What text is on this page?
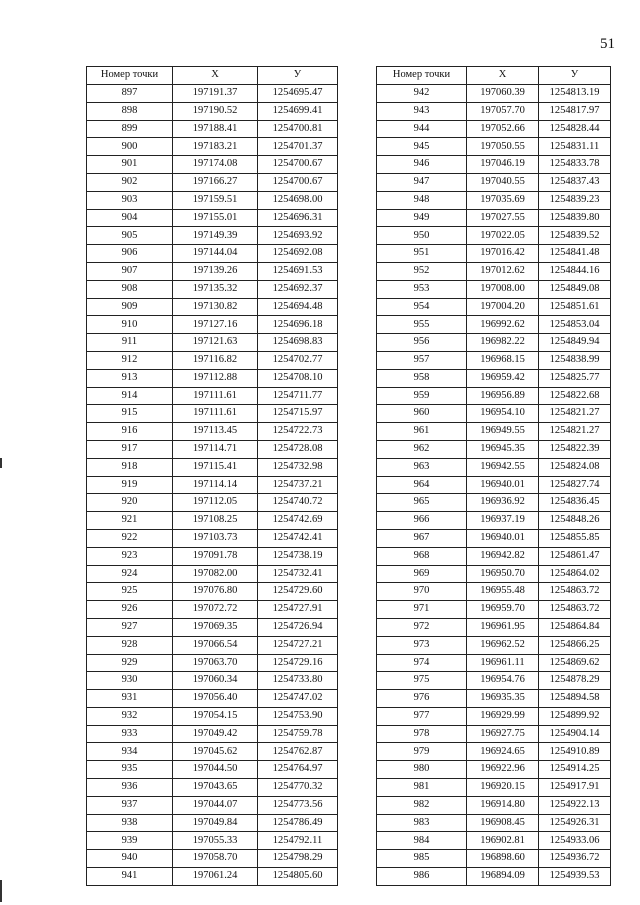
51
Номер точки	X	У
897	197191.37	1254695.47
898	197190.52	1254699.41
899	197188.41	1254700.81
900	197183.21	1254701.37
901	197174.08	1254700.67
902	197166.27	1254700.67
903	197159.51	1254698.00
904	197155.01	1254696.31
905	197149.39	1254693.92
906	197144.04	1254692.08
907	197139.26	1254691.53
908	197135.32	1254692.37
909	197130.82	1254694.48
910	197127.16	1254696.18
911	197121.63	1254698.83
912	197116.82	1254702.77
913	197112.88	1254708.10
914	197111.61	1254711.77
915	197111.61	1254715.97
916	197113.45	1254722.73
917	197114.71	1254728.08
918	197115.41	1254732.98
919	197114.14	1254737.21
920	197112.05	1254740.72
921	197108.25	1254742.69
922	197103.73	1254742.41
923	197091.78	1254738.19
924	197082.00	1254732.41
925	197076.80	1254729.60
926	197072.72	1254727.91
927	197069.35	1254726.94
928	197066.54	1254727.21
929	197063.70	1254729.16
930	197060.34	1254733.80
931	197056.40	1254747.02
932	197054.15	1254753.90
933	197049.42	1254759.78
934	197045.62	1254762.87
935	197044.50	1254764.97
936	197043.65	1254770.32
937	197044.07	1254773.56
938	197049.84	1254786.49
939	197055.33	1254792.11
940	197058.70	1254798.29
941	197061.24	1254805.60
Номер точки	X	У
942	197060.39	1254813.19
943	197057.70	1254817.97
944	197052.66	1254828.44
945	197050.55	1254831.11
946	197046.19	1254833.78
947	197040.55	1254837.43
948	197035.69	1254839.23
949	197027.55	1254839.80
950	197022.05	1254839.52
951	197016.42	1254841.48
952	197012.62	1254844.16
953	197008.00	1254849.08
954	197004.20	1254851.61
955	196992.62	1254853.04
956	196982.22	1254849.94
957	196968.15	1254838.99
958	196959.42	1254825.77
959	196956.89	1254822.68
960	196954.10	1254821.27
961	196949.55	1254821.27
962	196945.35	1254822.39
963	196942.55	1254824.08
964	196940.01	1254827.74
965	196936.92	1254836.45
966	196937.19	1254848.26
967	196940.01	1254855.85
968	196942.82	1254861.47
969	196950.70	1254864.02
970	196955.48	1254863.72
971	196959.70	1254863.72
972	196961.95	1254864.84
973	196962.52	1254866.25
974	196961.11	1254869.62
975	196954.76	1254878.29
976	196935.35	1254894.58
977	196929.99	1254899.92
978	196927.75	1254904.14
979	196924.65	1254910.89
980	196922.96	1254914.25
981	196920.15	1254917.91
982	196914.80	1254922.13
983	196908.45	1254926.31
984	196902.81	1254933.06
985	196898.60	1254936.72
986	196894.09	1254939.53
